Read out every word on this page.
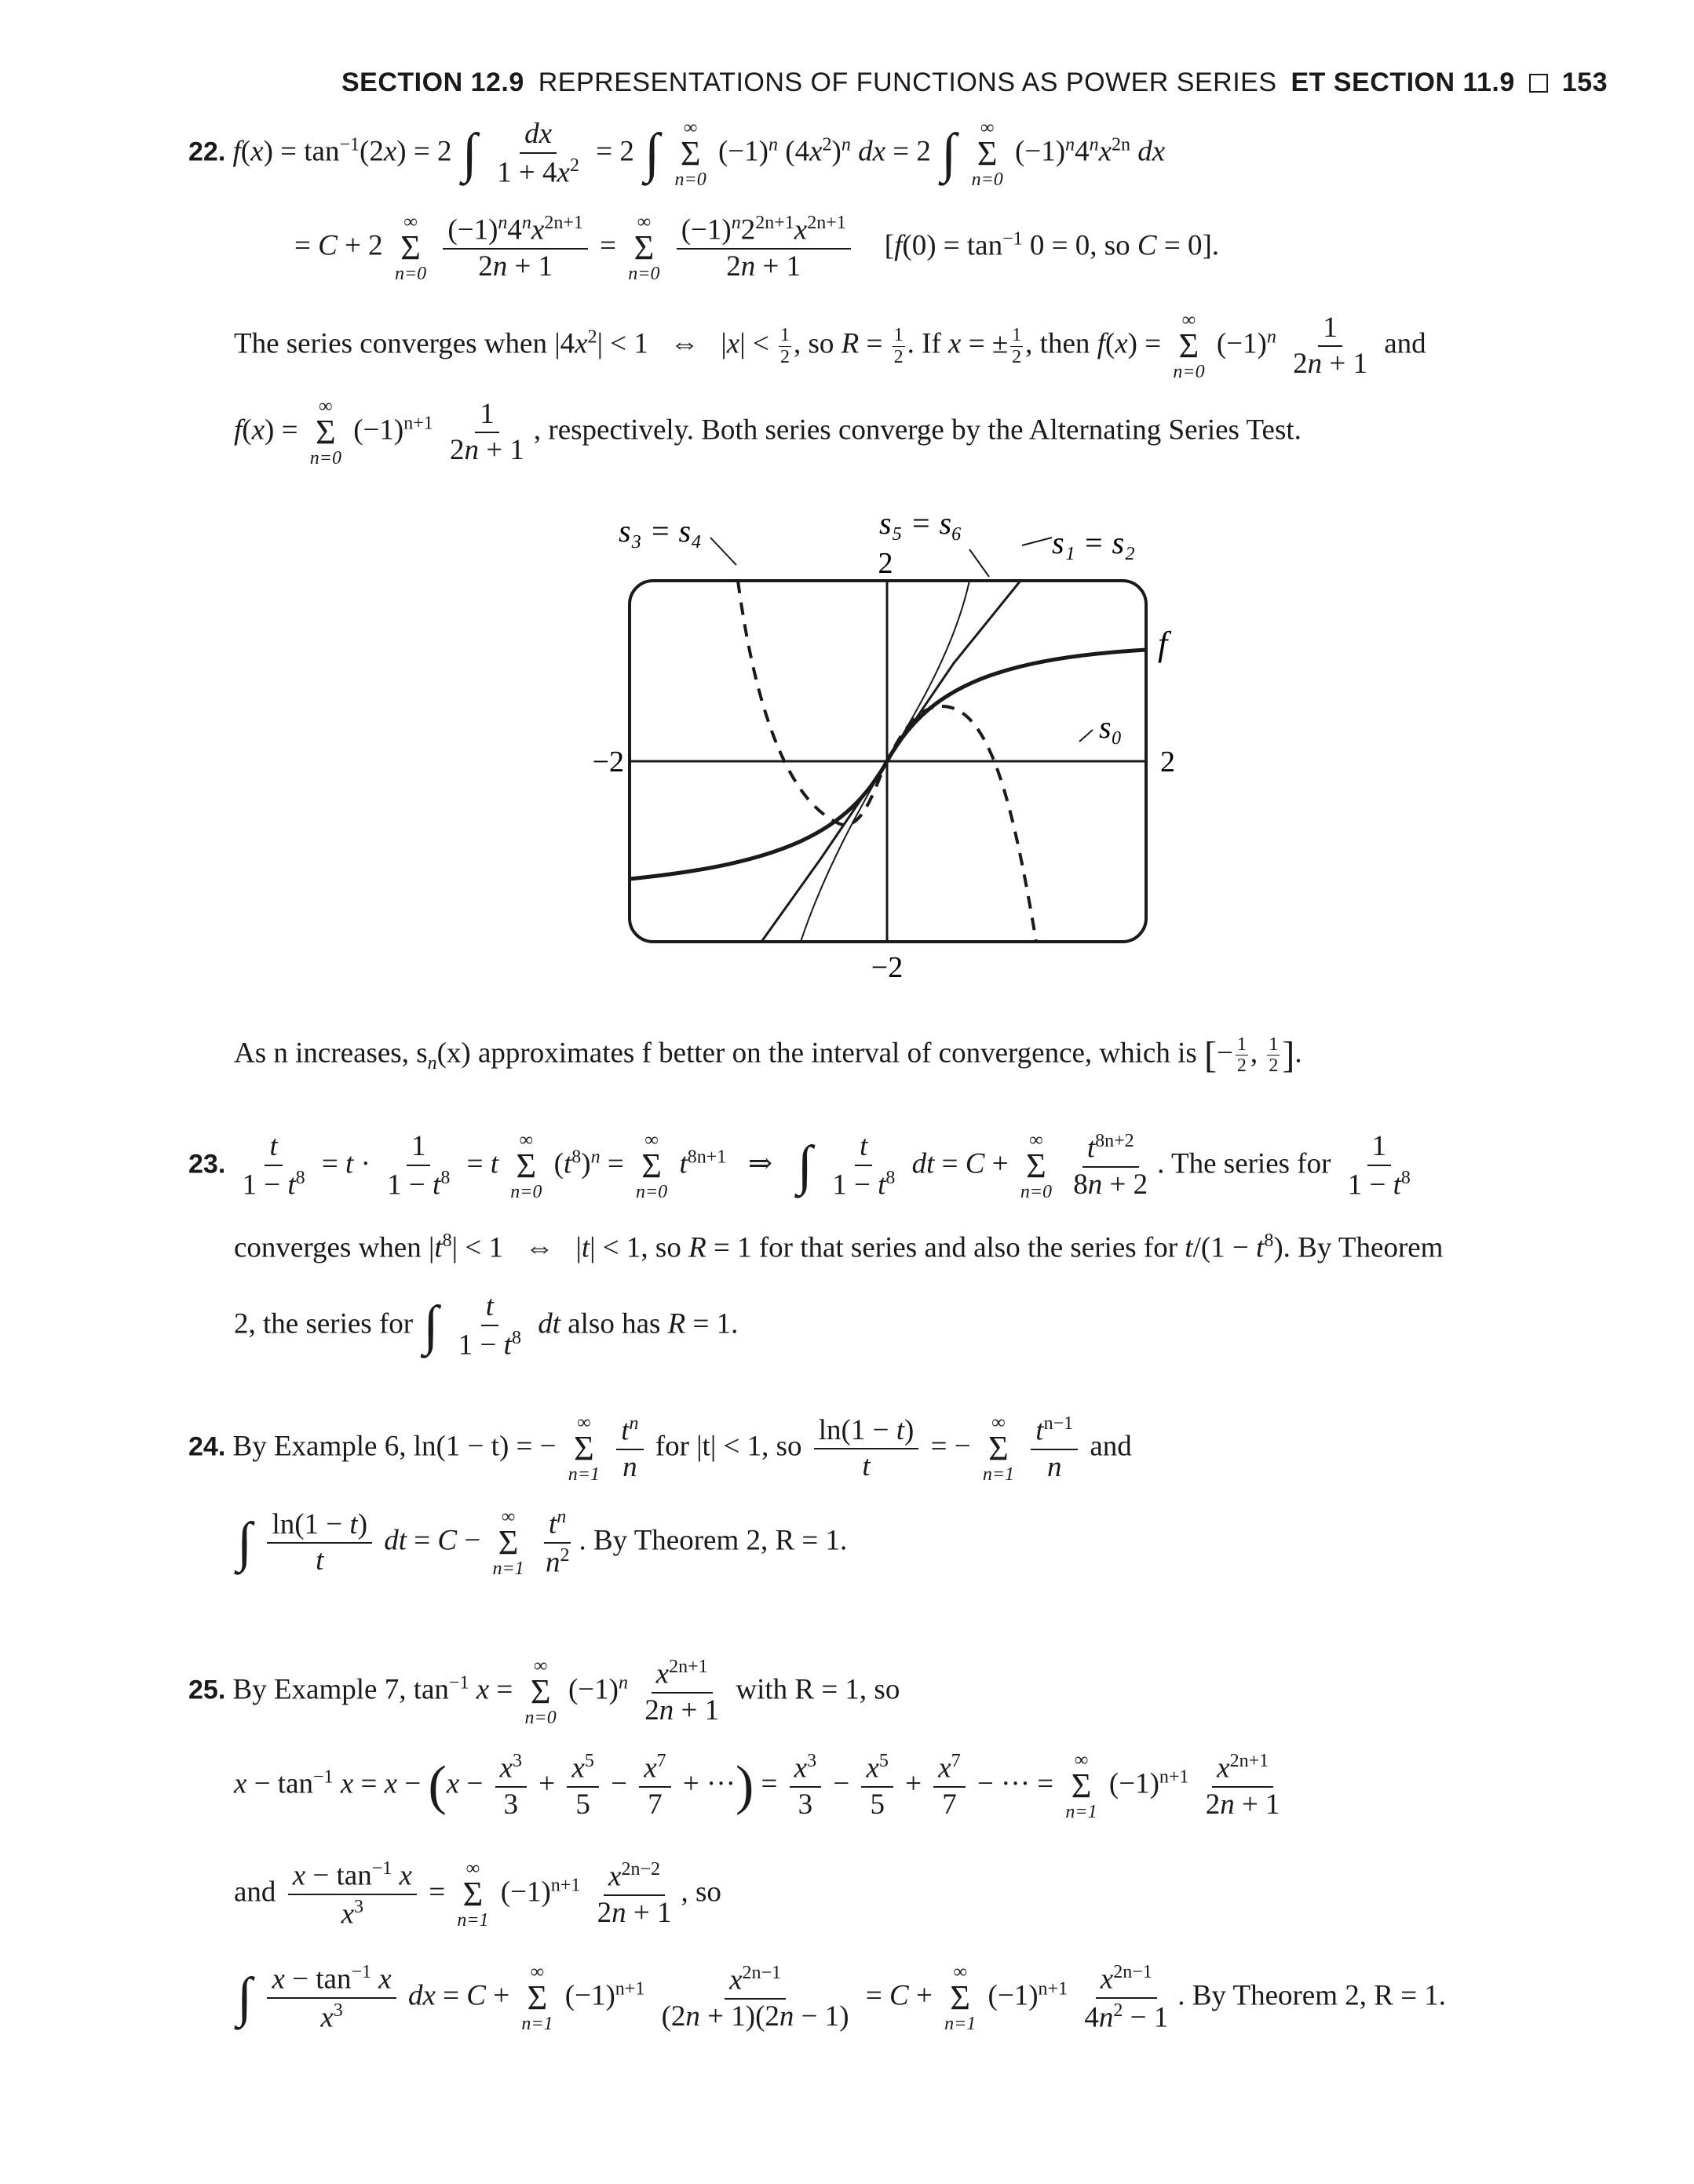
SECTION 12.9 REPRESENTATIONS OF FUNCTIONS AS POWER SERIES ET SECTION 11.9 153
22. $f(x) = \tan^{-1}(2x) = 2$ ∫ $\frac{dx}{1 + 4x^2} = 2$ ∫ ∞
Σ
n=0
$(-1)^n$ $(4x^2)^n$ dx = 2 ∫ ∞
Σ
n=0
$(-1)^n4^nx^{2n}$ dx
= C + 2
∞
Σ
n=0
$\frac{(-1)^n4^nx^{2n+1}}{2n + 1}$ =
∞
Σ
n=0
$\frac{(-1)^n2^{2n+1}x^{2n+1}}{2n + 1} [f(0) = \tan^{-1} 0 = 0$, so C = 0].
The series converges when $|4x^2| < 1$   ⇔   $|x| < \frac{1}{2}$ , so $R = \frac{1}{2}$ . If x = ± $\frac{1}{2}$ , then f(x) =
∞
Σ
n=0
$(-1)^n \frac{1}{2n + 1}$ and
f(x) =
∞
Σ
n=0
$(-1)^{n+1} \frac{1}{2n + 1}$ , respectively. Both series converge by the Alternating Series Test.
s₃ = s₄	s₅ = s₆
s₁ = s₂
f
s₀
2
−2
−2	2
As n increases, $s_n(x)$ approximates f better on the interval of convergence, which is [− $\frac{1}{2}$ , $\frac{1}{2}$ ].
23. $\frac{t}{1 - t^8} = t \cdot \frac{1}{1 - t^8} = t$
∞
Σ
n=0
$(t^8)^n$ =
∞
Σ
n=0
$t^{8n+1}$   ⇒   ∫ $\frac{t}{1 - t^8}$ dt = C +
∞
Σ
n=0
$\frac{t^{8n+2}}{8n + 2}$ . The series for $\frac{1}{1 - t^8}$
converges when $|t^8| < 1$   ⇔   |t| < 1, so R = 1 for that series and also the series for $t/(1 - t^8)$. By Theorem
2, the series for ∫ $\frac{t}{1 - t^8}$ dt also has R = 1.
24. By Example 6, ln(1 − t) = −
∞
Σ
n=1
$\frac{t^n}{n}$ for |t| < 1, so $\frac{\ln(1 - t)}{t}$ = −
∞
Σ
n=1
$\frac{t^{n-1}}{n}$ and
∫ $\frac{\ln(1 - t)}{t}$ dt = C −
∞
Σ
n=1
$\frac{t^n}{n^2}$ . By Theorem 2, R = 1.
25. By Example 7, $\tan^{-1} x$ =
∞
Σ
n=0
$(-1)^n \frac{x^{2n+1}}{2n + 1}$ with R = 1, so
$x - \tan^{-1} x = x - (x - \frac{x^3}{3} + \frac{x^5}{5} - \frac{x^7}{7}$ + ···) = $\frac{x^3}{3} - \frac{x^5}{5} + \frac{x^7}{7}$ − ··· =
∞
Σ
n=1
$(-1)^{n+1} \frac{x^{2n+1}}{2n + 1}$
and $\frac{x - \tan^{-1} x}{x^3}$ =
∞
Σ
n=1
$(-1)^{n+1} \frac{x^{2n-2}}{2n + 1}$ , so
∫ $\frac{x - \tan^{-1} x}{x^3}$ dx = C +
∞
Σ
n=1
$(-1)^{n+1} \frac{x^{2n-1}}{(2n + 1)(2n - 1)} = C$ +
∞
Σ
n=1
$(-1)^{n+1} \frac{x^{2n-1}}{4n^2 - 1}$ . By Theorem 2, R = 1.
